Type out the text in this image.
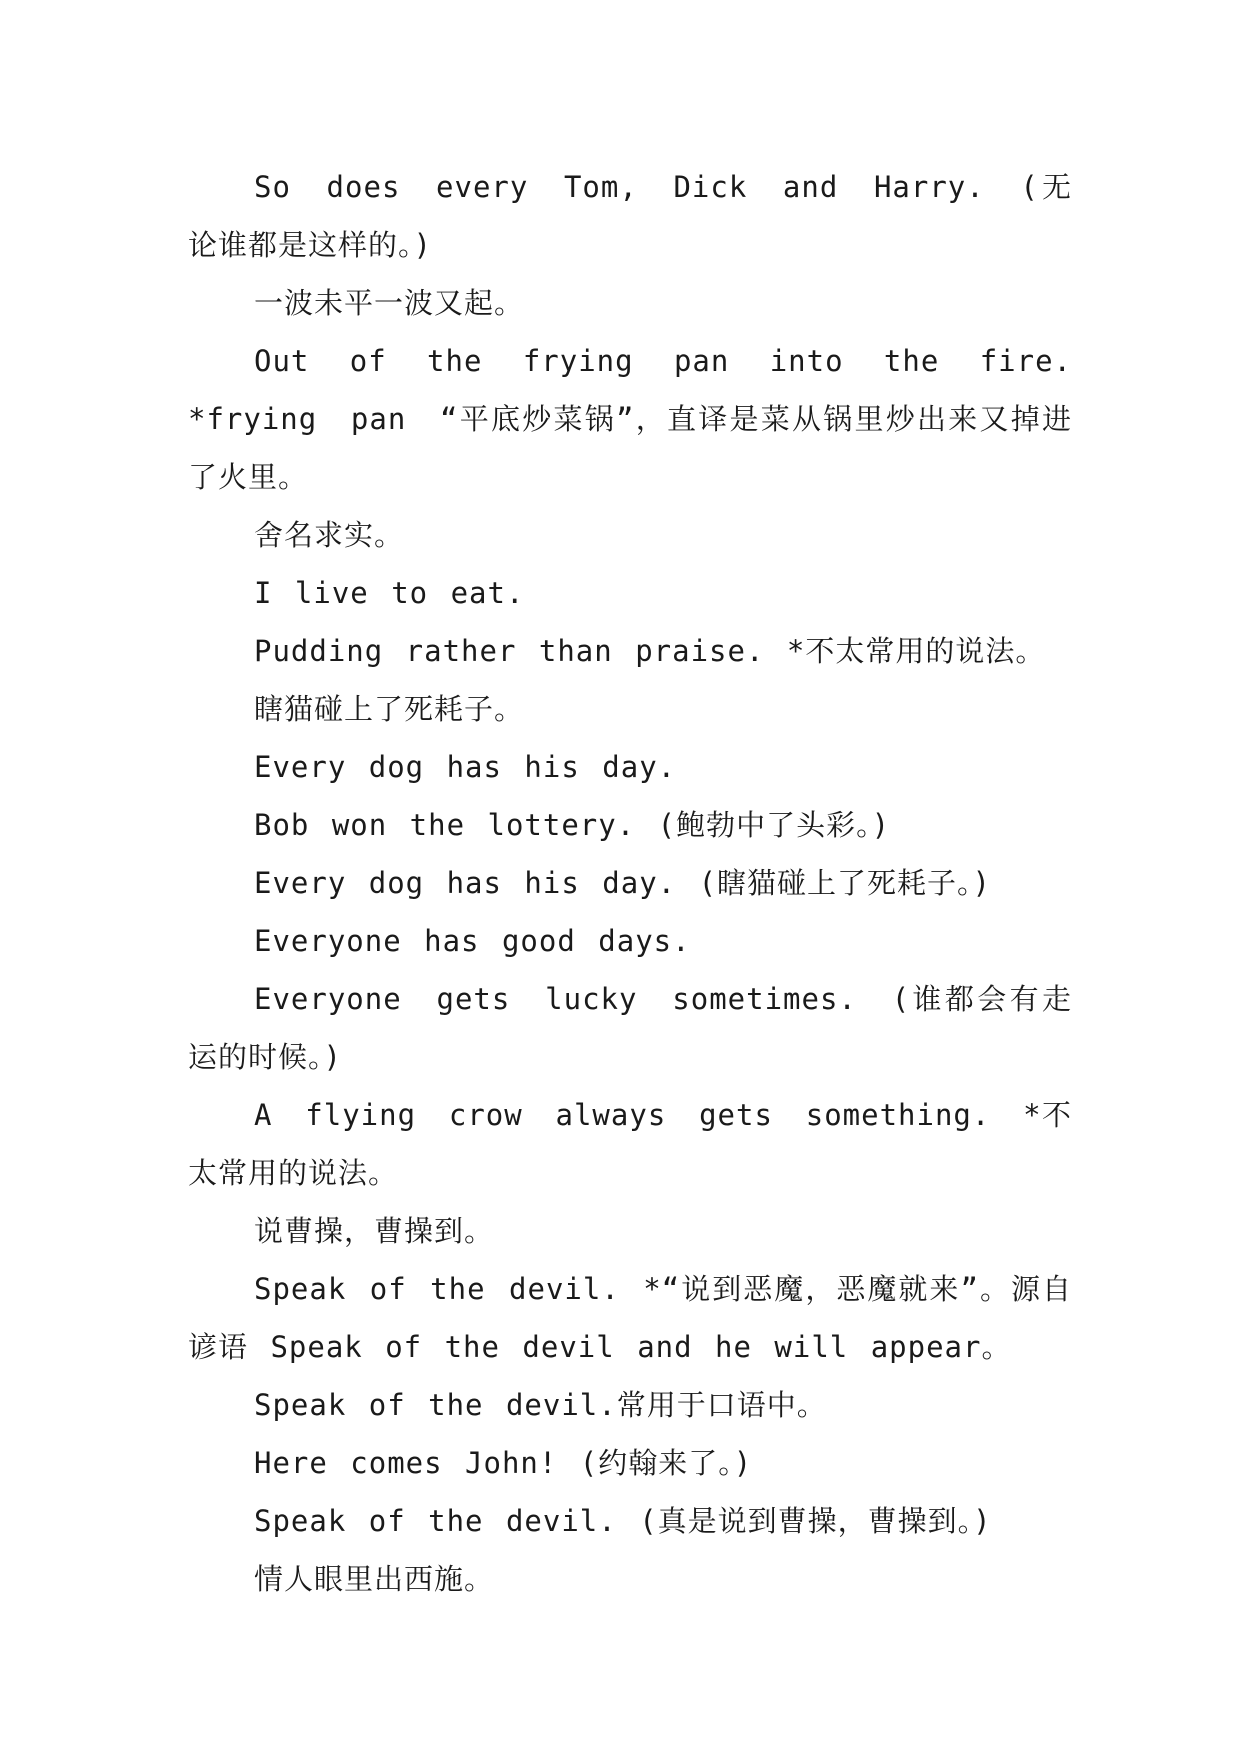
So does every Tom, Dick and Harry. (无论谁都是这样的。)

一波未平一波又起。

Out of the frying pan into the fire. *frying pan “平底炒菜锅”，直译是菜从锅里炒出来又掉进了火里。

舍名求实。

I live to eat.

Pudding rather than praise. *不太常用的说法。

瞎猫碰上了死耗子。

Every dog has his day.

Bob won the lottery. (鲍勃中了头彩。)

Every dog has his day. (瞎猫碰上了死耗子。)

Everyone has good days.

Everyone gets lucky sometimes. (谁都会有走运的时候。)

A flying crow always gets something. *不太常用的说法。

说曹操，曹操到。

Speak of the devil. *“说到恶魔，恶魔就来”。源自谚语 Speak of the devil and he will appear。

Speak of the devil.常用于口语中。

Here comes John! (约翰来了。)

Speak of the devil. (真是说到曹操，曹操到。)

情人眼里出西施。
